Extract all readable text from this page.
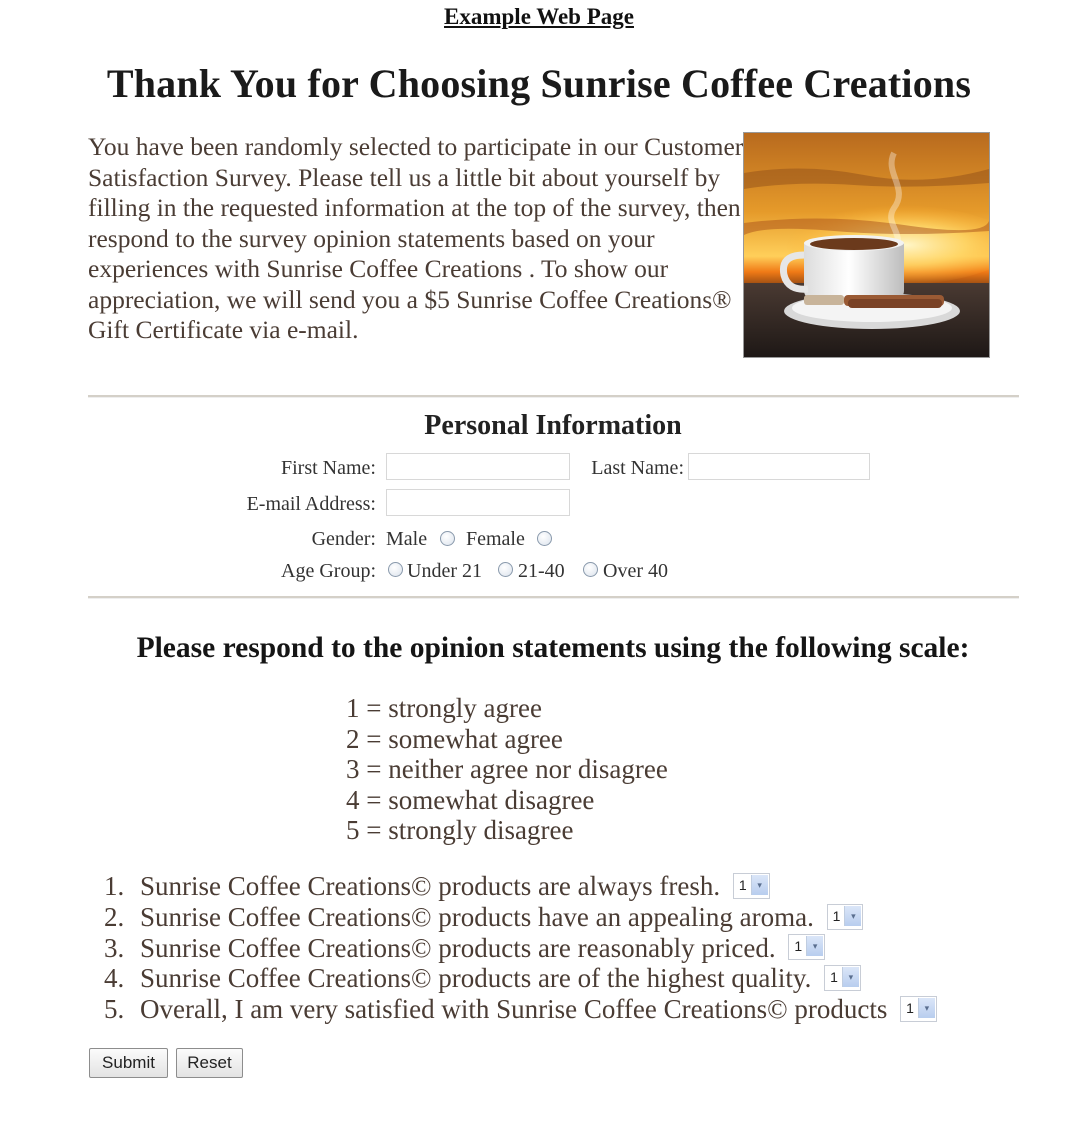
Example Web Page
Thank You for Choosing Sunrise Coffee Creations

You have been randomly selected to participate in our Customer Satisfaction Survey. Please tell us a little bit about yourself by filling in the requested information at the top of the survey, then respond to the survey opinion statements based on your experiences with Sunrise Coffee Creations . To show our appreciation, we will send you a $5 Sunrise Coffee Creations® Gift Certificate via e-mail.

Personal Information
First Name:	Last Name:
E-mail Address:
Gender: Male Female
Age Group: Under 21 21-40 Over 40
Please respond to the opinion statements using the following scale:
1 = strongly agree
2 = somewhat agree
3 = neither agree nor disagree
4 = somewhat disagree
5 = strongly disagree
1. Sunrise Coffee Creations© products are always fresh. 1 ▾
2. Sunrise Coffee Creations© products have an appealing aroma. 1 ▾
3. Sunrise Coffee Creations© products are reasonably priced. 1 ▾
4. Sunrise Coffee Creations© products are of the highest quality. 1 ▾
5. Overall, I am very satisfied with Sunrise Coffee Creations© products 1 ▾
Submit	Reset
